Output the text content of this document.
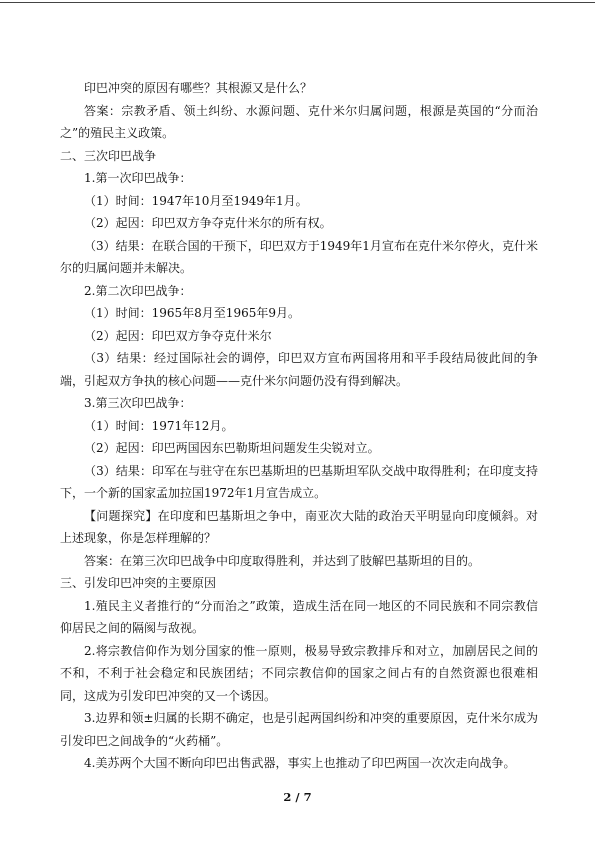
印巴冲突的原因有哪些？其根源又是什么？

答案：宗教矛盾、领土纠纷、水源问题、克什米尔归属问题，根源是英国的“分而治之”的殖民主义政策。

二、三次印巴战争

1.第一次印巴战争：

（1）时间：1947年10月至1949年1月。

（2）起因：印巴双方争夺克什米尔的所有权。

（3）结果：在联合国的干预下，印巴双方于1949年1月宣布在克什米尔停火，克什米尔的归属问题并未解决。

2.第二次印巴战争：

（1）时间：1965年8月至1965年9月。

（2）起因：印巴双方争夺克什米尔

（3）结果：经过国际社会的调停，印巴双方宣布两国将用和平手段结局彼此间的争端，引起双方争执的核心问题——克什米尔问题仍没有得到解决。

3.第三次印巴战争：

（1）时间：1971年12月。

（2）起因：印巴两国因东巴勒斯坦问题发生尖锐对立。

（3）结果：印军在与驻守在东巴基斯坦的巴基斯坦军队交战中取得胜利；在印度支持下，一个新的国家孟加拉国1972年1月宣告成立。

【问题探究】在印度和巴基斯坦之争中，南亚次大陆的政治天平明显向印度倾斜。对上述现象，你是怎样理解的？

答案：在第三次印巴战争中印度取得胜利，并达到了肢解巴基斯坦的目的。

三、引发印巴冲突的主要原因

1.殖民主义者推行的“分而治之”政策，造成生活在同一地区的不同民族和不同宗教信仰居民之间的隔阂与敌视。

2.将宗教信仰作为划分国家的惟一原则，极易导致宗教排斥和对立，加剧居民之间的不和，不利于社会稳定和民族团结；不同宗教信仰的国家之间占有的自然资源也很难相同，这成为引发印巴冲突的又一个诱因。

3.边界和领±归属的长期不确定，也是引起两国纠纷和冲突的重要原因，克什米尔成为引发印巴之间战争的“火药桶”。

4.美苏两个大国不断向印巴出售武器，事实上也推动了印巴两国一次次走向战争。

2 / 7
